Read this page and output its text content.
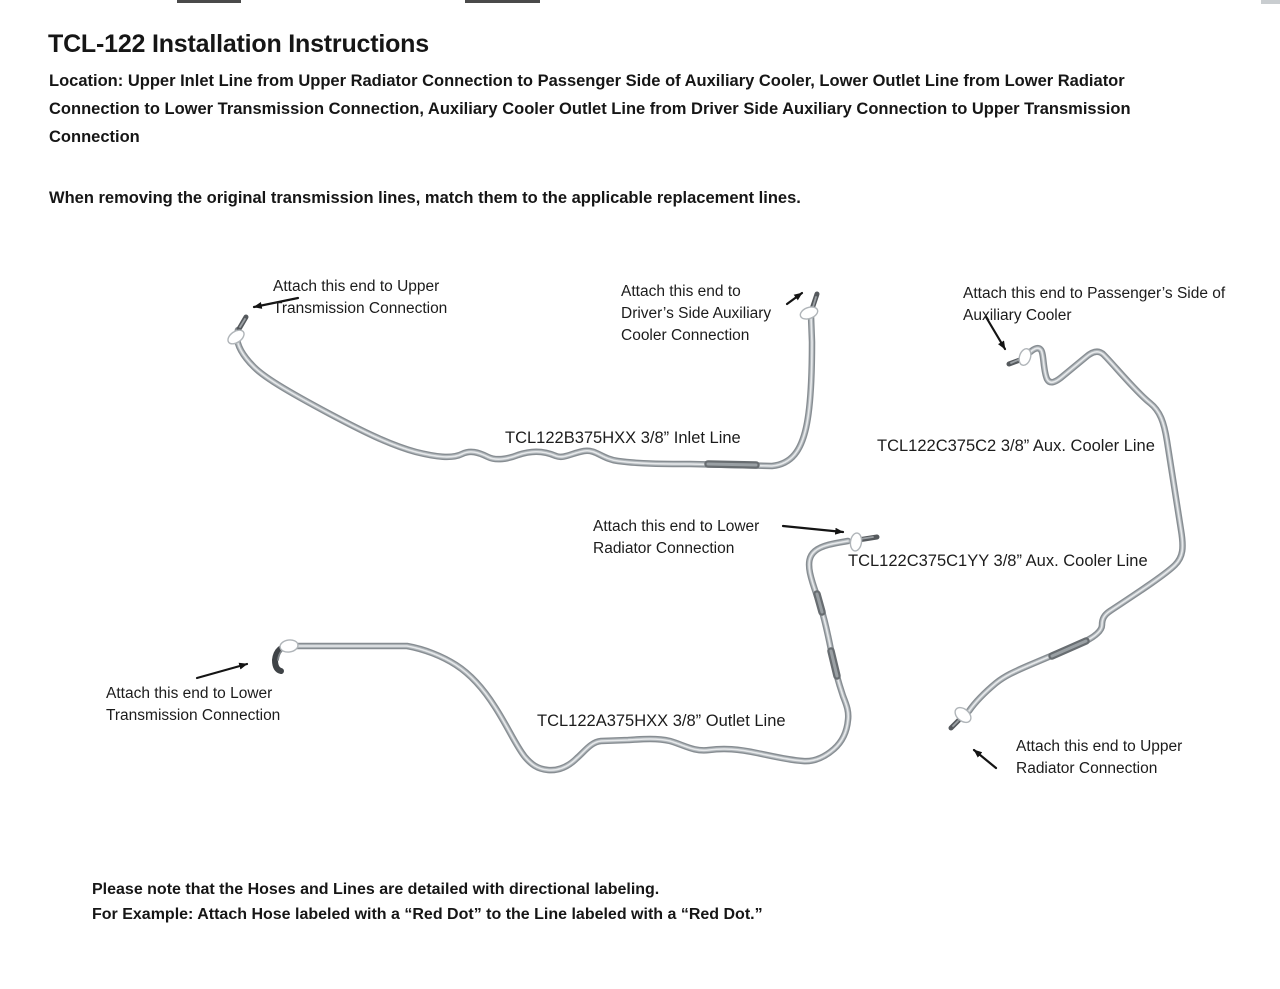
TCL-122 Installation Instructions
Location: Upper Inlet Line from Upper Radiator Connection to Passenger Side of Auxiliary Cooler, Lower Outlet Line from Lower Radiator Connection to Lower Transmission Connection, Auxiliary Cooler Outlet Line from Driver Side Auxiliary Connection to Upper Transmission Connection
When removing the original transmission lines, match them to the applicable replacement lines.
Attach this end to Upper Transmission Connection
Attach this end to Driver’s Side Auxiliary Cooler Connection
Attach this end to Passenger’s Side of Auxiliary Cooler
Attach this end to Lower Radiator Connection
Attach this end to Lower Transmission Connection
Attach this end to Upper Radiator Connection
TCL122B375HXX 3/8” Inlet Line	TCL122C375C2 3/8” Aux. Cooler Line
TCL122C375C1YY 3/8” Aux. Cooler Line
TCL122A375HXX 3/8” Outlet Line
Please note that the Hoses and Lines are detailed with directional labeling.
For Example: Attach Hose labeled with a “Red Dot” to the Line labeled with a “Red Dot.”
